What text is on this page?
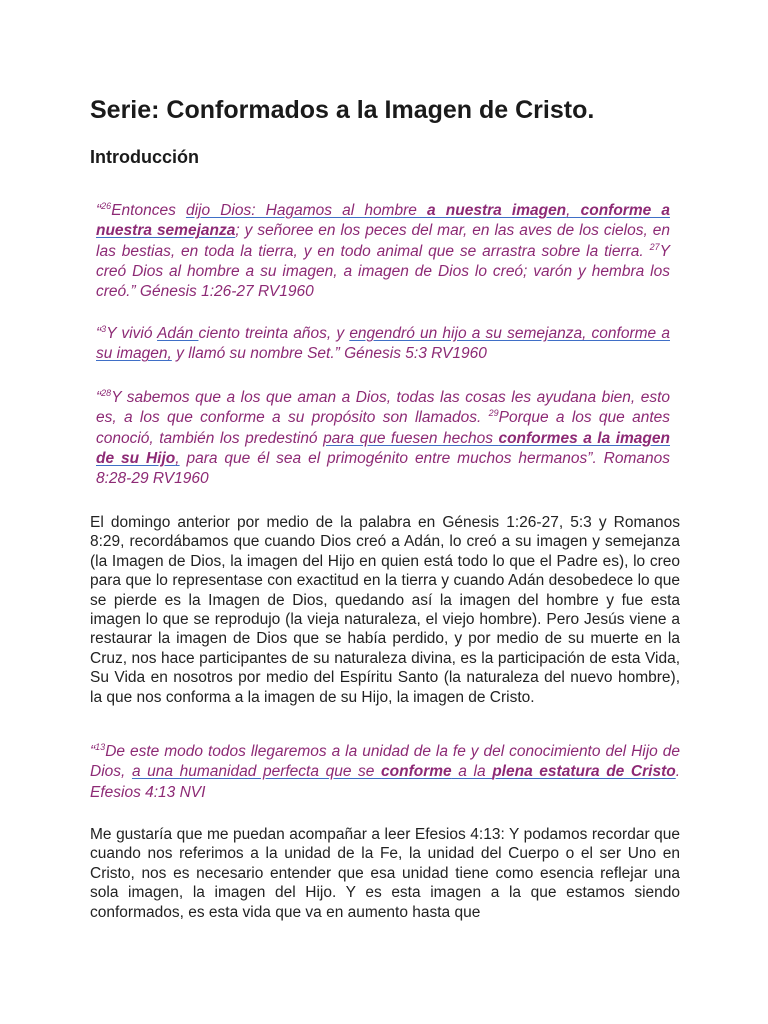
Serie: Conformados a la Imagen de Cristo.
Introducción

“$^{26}$Entonces dijo Dios: Hagamos al hombre a nuestra imagen, conforme a nuestra semejanza; y señoree en los peces del mar, en las aves de los cielos, en las bestias, en toda la tierra, y en todo animal que se arrastra sobre la tierra. $^{27}$Y creó Dios al hombre a su imagen, a imagen de Dios lo creó; varón y hembra los creó.” Génesis 1:26-27 RV1960

“$^3$Y vivió Adán ciento treinta años, y engendró un hijo a su semejanza, conforme a su imagen, y llamó su nombre Set.” Génesis 5:3 RV1960

“$^{28}$Y sabemos que a los que aman a Dios, todas las cosas les ayudana bien, esto es, a los que conforme a su propósito son llamados. $^{29}$Porque a los que antes conoció, también los predestinó para que fuesen hechos conformes a la imagen de su Hijo, para que él sea el primogénito entre muchos hermanos”. Romanos 8:28-29 RV1960

El domingo anterior por medio de la palabra en Génesis 1:26-27, 5:3 y Romanos 8:29, recordábamos que cuando Dios creó a Adán, lo creó a su imagen y semejanza (la Imagen de Dios, la imagen del Hijo en quien está todo lo que el Padre es), lo creo para que lo representase con exactitud en la tierra y cuando Adán desobedece lo que se pierde es la Imagen de Dios, quedando así la imagen del hombre y fue esta imagen lo que se reprodujo (la vieja naturaleza, el viejo hombre). Pero Jesús viene a restaurar la imagen de Dios que se había perdido, y por medio de su muerte en la Cruz, nos hace participantes de su naturaleza divina, es la participación de esta Vida, Su Vida en nosotros por medio del Espíritu Santo (la naturaleza del nuevo hombre), la que nos conforma a la imagen de su Hijo, la imagen de Cristo.

“$^{13}$De este modo todos llegaremos a la unidad de la fe y del conocimiento del Hijo de Dios, a una humanidad perfecta que se conforme a la plena estatura de Cristo. Efesios 4:13 NVI

Me gustaría que me puedan acompañar a leer Efesios 4:13: Y podamos recordar que cuando nos referimos a la unidad de la Fe, la unidad del Cuerpo o el ser Uno en Cristo, nos es necesario entender que esa unidad tiene como esencia reflejar una sola imagen, la imagen del Hijo. Y es esta imagen a la que estamos siendo conformados, es esta vida que va en aumento hasta que
